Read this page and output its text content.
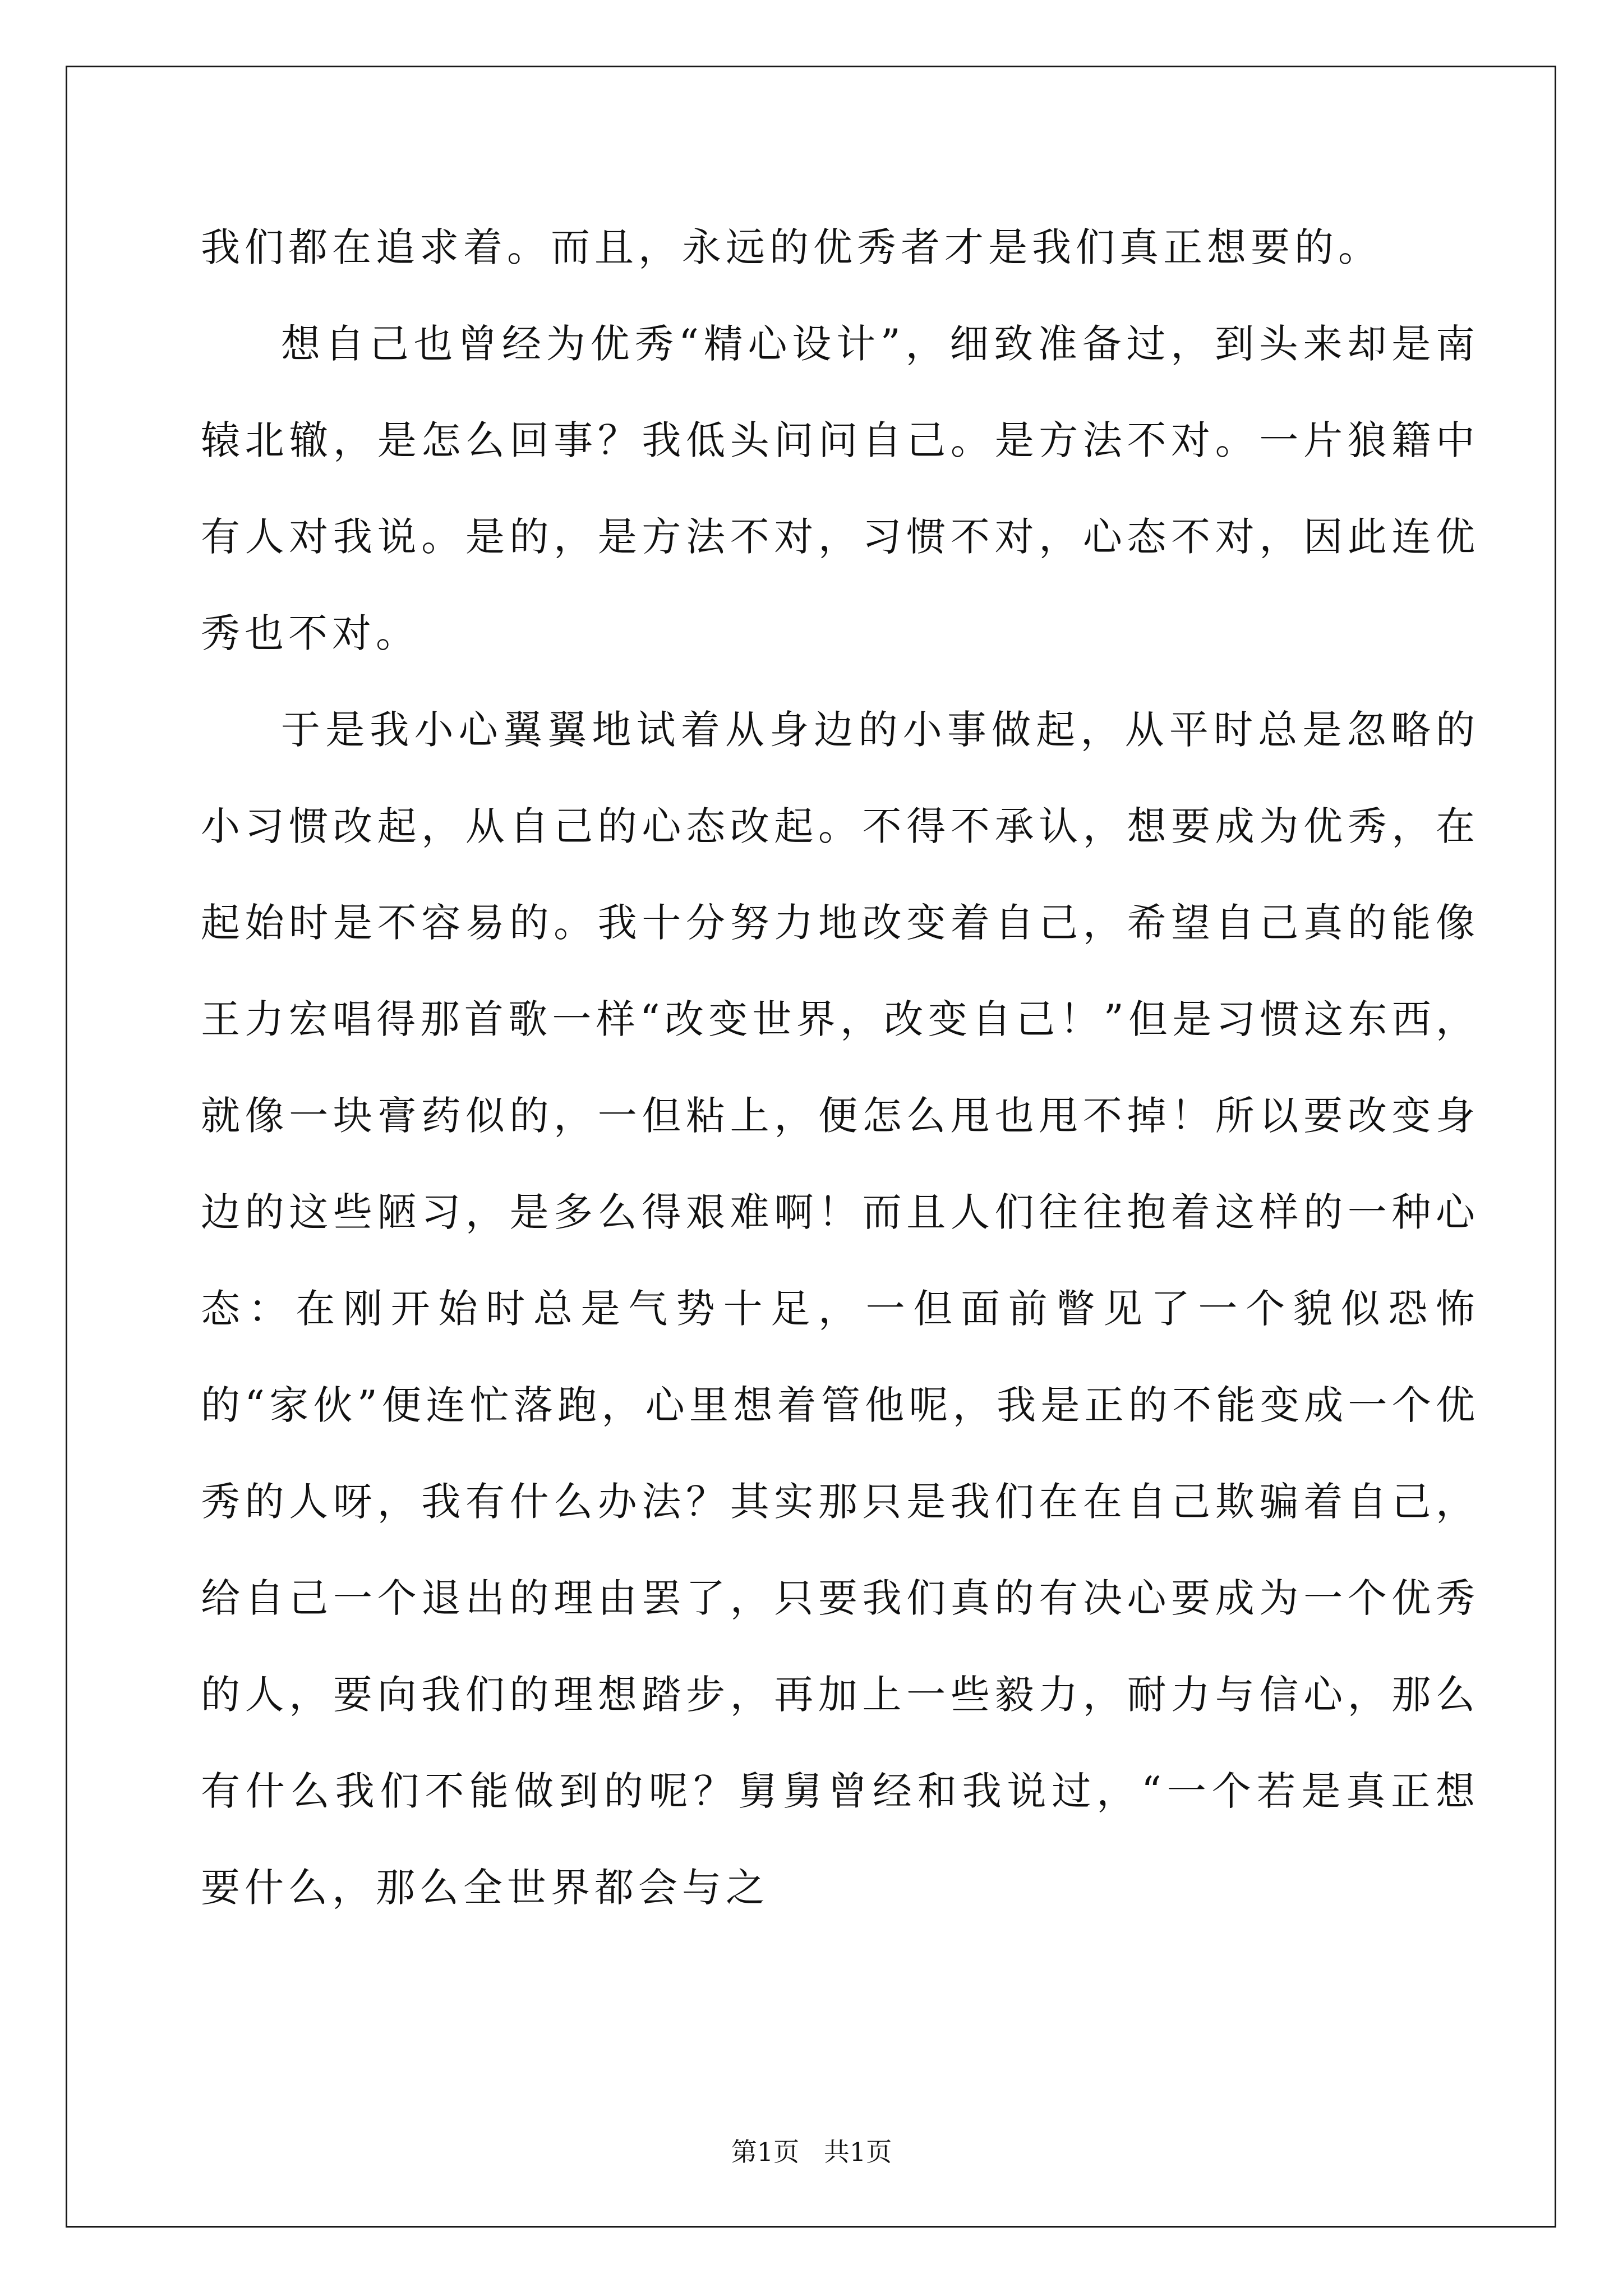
我们都在追求着。而且，永远的优秀者才是我们真正想要的。

想自己也曾经为优秀“精心设计”，细致准备过，到头来却是南辕北辙，是怎么回事？我低头问问自己。是方法不对。一片狼籍中有人对我说。是的，是方法不对，习惯不对，心态不对，因此连优秀也不对。

于是我小心翼翼地试着从身边的小事做起，从平时总是忽略的小习惯改起，从自己的心态改起。不得不承认，想要成为优秀，在起始时是不容易的。我十分努力地改变着自己，希望自己真的能像王力宏唱得那首歌一样“改变世界，改变自己！”但是习惯这东西，就像一块膏药似的，一但粘上，便怎么甩也甩不掉！所以要改变身边的这些陋习，是多么得艰难啊！而且人们往往抱着这样的一种心态：在刚开始时总是气势十足，一但面前瞥见了一个貌似恐怖的“家伙”便连忙落跑，心里想着管他呢，我是正的不能变成一个优秀的人呀，我有什么办法？其实那只是我们在在自己欺骗着自己，给自己一个退出的理由罢了，只要我们真的有决心要成为一个优秀的人，要向我们的理想踏步，再加上一些毅力，耐力与信心，那么有什么我们不能做到的呢？舅舅曾经和我说过，“一个若是真正想要什么，那么全世界都会与之

第1页   共1页
